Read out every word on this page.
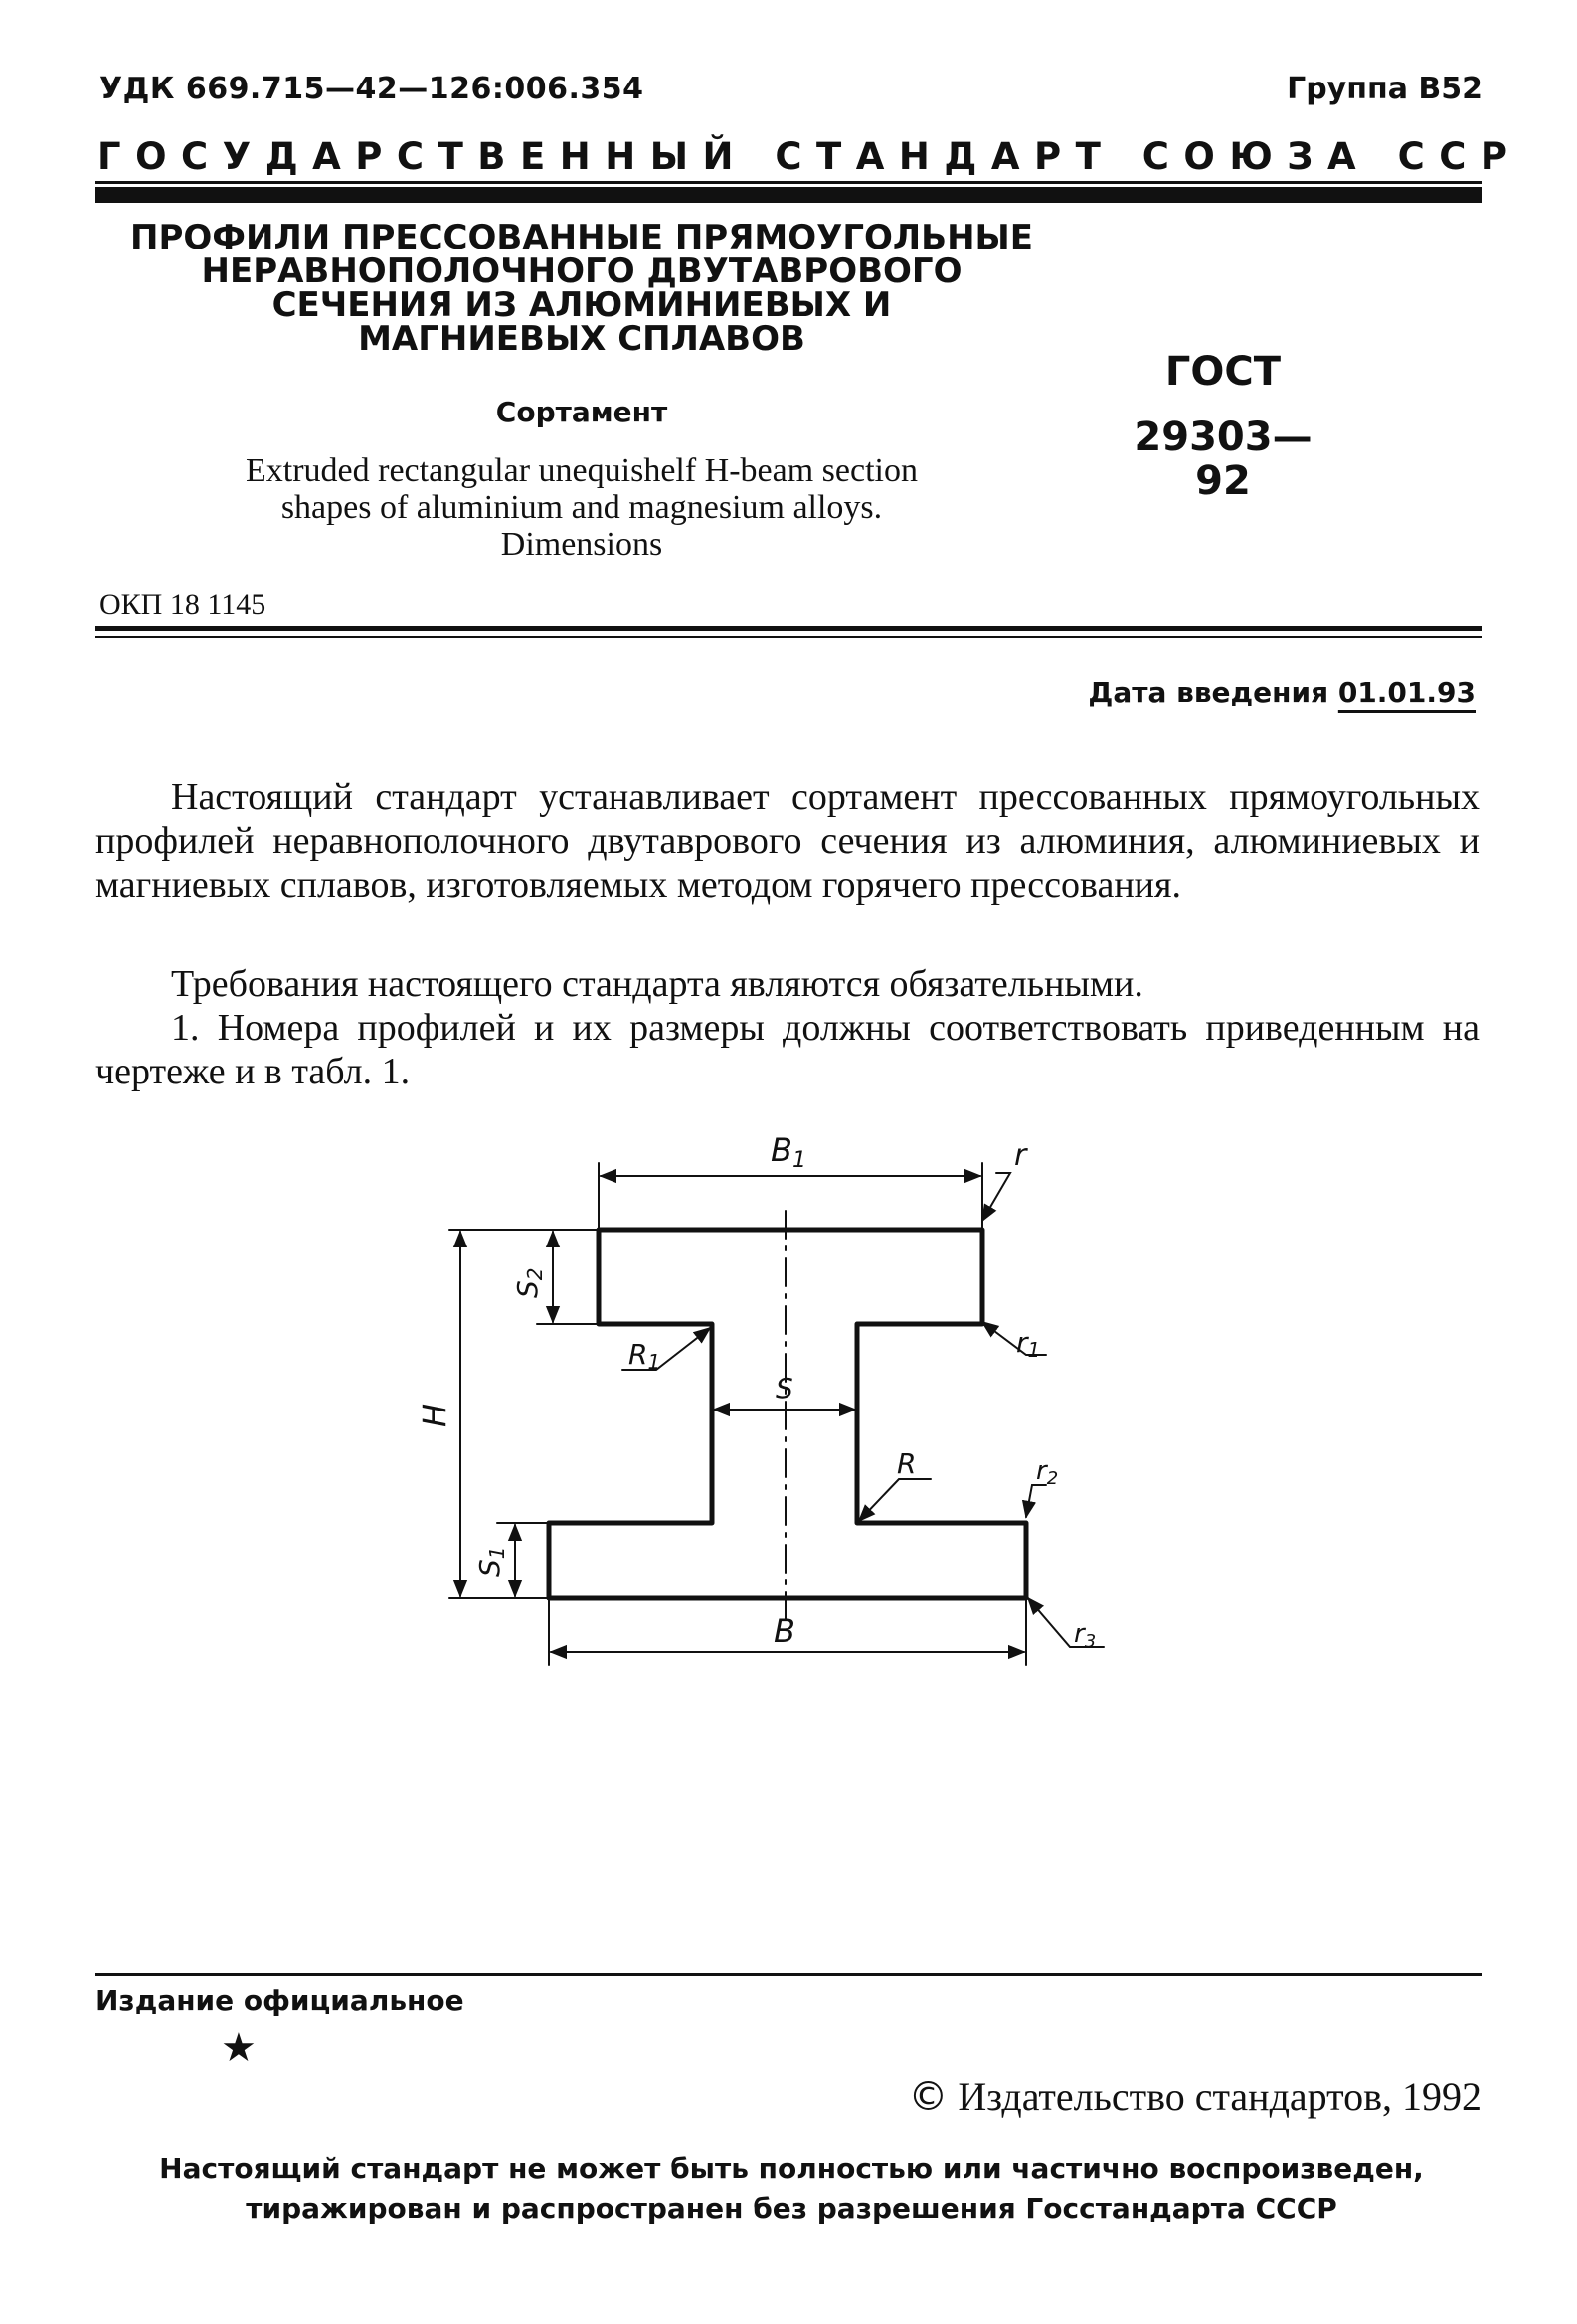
УДК 669.715—42—126:006.354	Группа В52
ГОСУДАРСТВЕННЫЙ СТАНДАРТ СОЮЗА ССР
ПРОФИЛИ ПРЕССОВАННЫЕ ПРЯМОУГОЛЬНЫЕ
НЕРАВНОПОЛОЧНОГО ДВУТАВРОВОГО
СЕЧЕНИЯ ИЗ АЛЮМИНИЕВЫХ И
МАГНИЕВЫХ СПЛАВОВ
Сортамент
Extruded rectangular unequishelf H-beam section
shapes of aluminium and magnesium alloys.
Dimensions
ГОСТ
29303—92
ОКП 18 1145
Дата введения 01.01.93
Настоящий стандарт устанавливает сортамент прессованных прямоугольных профилей неравнополочного двутаврового сечения из алюминия, алюминиевых и магниевых сплавов, изготовляемых методом горячего прессования.
Требования настоящего стандарта являются обязательными.
1. Номера профилей и их размеры должны соответствовать приведенным на чертеже и в табл. 1.
B1
B
r
r1
R1
S
R	r2
r3
H
S2
S1
Издание официальное
★
© Издательство стандартов, 1992
Настоящий стандарт не может быть полностью или частично воспроизведен,
тиражирован и распространен без разрешения Госстандарта СССР
